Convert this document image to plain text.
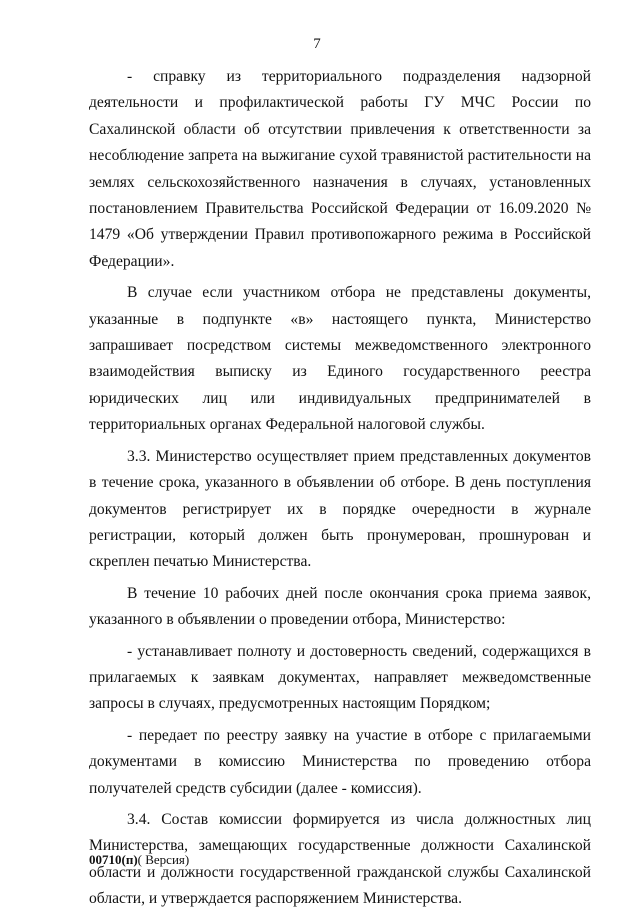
7

- справку из территориального подразделения надзорной деятельности и профилактической работы ГУ МЧС России по Сахалинской области об отсутствии привлечения к ответственности за несоблюдение запрета на выжигание сухой травянистой растительности на землях сельскохозяйственного назначения в случаях, установленных постановлением Правительства Российской Федерации от 16.09.2020 № 1479 «Об утверждении Правил противопожарного режима в Российской Федерации».

В случае если участником отбора не представлены документы, указанные в подпункте «в» настоящего пункта, Министерство запрашивает посредством системы межведомственного электронного взаимодействия выписку из Единого государственного реестра юридических лиц или индивидуальных предпринимателей в территориальных органах Федеральной налоговой службы.

3.3. Министерство осуществляет прием представленных документов в течение срока, указанного в объявлении об отборе. В день поступления документов регистрирует их в порядке очередности в журнале регистрации, который должен быть пронумерован, прошнурован и скреплен печатью Министерства.

В течение 10 рабочих дней после окончания срока приема заявок, указанного в объявлении о проведении отбора, Министерство:

- устанавливает полноту и достоверность сведений, содержащихся в прилагаемых к заявкам документах, направляет межведомственные запросы в случаях, предусмотренных настоящим Порядком;

- передает по реестру заявку на участие в отборе с прилагаемыми документами в комиссию Министерства по проведению отбора получателей средств субсидии (далее - комиссия).

3.4. Состав комиссии формируется из числа должностных лиц Министерства, замещающих государственные должности Сахалинской области и должности государственной гражданской службы Сахалинской области, и утверждается распоряжением Министерства.

00710(п)( Версия)
